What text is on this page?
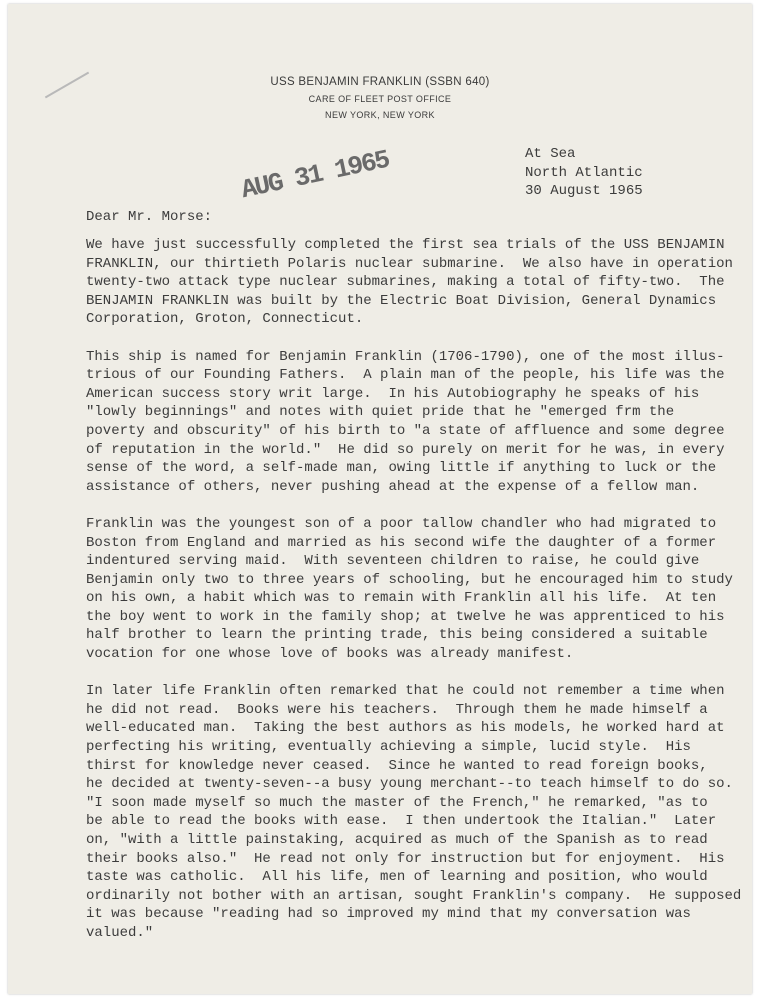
USS BENJAMIN FRANKLIN (SSBN 640)
CARE OF FLEET POST OFFICE
NEW YORK, NEW YORK
AUG 31 1965	At Sea
North Atlantic
30 August 1965
Dear Mr. Morse:
We have just successfully completed the first sea trials of the USS BENJAMIN
FRANKLIN, our thirtieth Polaris nuclear submarine.  We also have in operation
twenty-two attack type nuclear submarines, making a total of fifty-two.  The
BENJAMIN FRANKLIN was built by the Electric Boat Division, General Dynamics
Corporation, Groton, Connecticut.
This ship is named for Benjamin Franklin (1706-1790), one of the most illus-
trious of our Founding Fathers.  A plain man of the people, his life was the
American success story writ large.  In his Autobiography he speaks of his
"lowly beginnings" and notes with quiet pride that he "emerged frm the
poverty and obscurity" of his birth to "a state of affluence and some degree
of reputation in the world."  He did so purely on merit for he was, in every
sense of the word, a self-made man, owing little if anything to luck or the
assistance of others, never pushing ahead at the expense of a fellow man.
Franklin was the youngest son of a poor tallow chandler who had migrated to
Boston from England and married as his second wife the daughter of a former
indentured serving maid.  With seventeen children to raise, he could give
Benjamin only two to three years of schooling, but he encouraged him to study
on his own, a habit which was to remain with Franklin all his life.  At ten
the boy went to work in the family shop; at twelve he was apprenticed to his
half brother to learn the printing trade, this being considered a suitable
vocation for one whose love of books was already manifest.
In later life Franklin often remarked that he could not remember a time when
he did not read.  Books were his teachers.  Through them he made himself a
well-educated man.  Taking the best authors as his models, he worked hard at
perfecting his writing, eventually achieving a simple, lucid style.  His
thirst for knowledge never ceased.  Since he wanted to read foreign books,
he decided at twenty-seven--a busy young merchant--to teach himself to do so.
"I soon made myself so much the master of the French," he remarked, "as to
be able to read the books with ease.  I then undertook the Italian."  Later
on, "with a little painstaking, acquired as much of the Spanish as to read
their books also."  He read not only for instruction but for enjoyment.  His
taste was catholic.  All his life, men of learning and position, who would
ordinarily not bother with an artisan, sought Franklin's company.  He supposed
it was because "reading had so improved my mind that my conversation was
valued."
